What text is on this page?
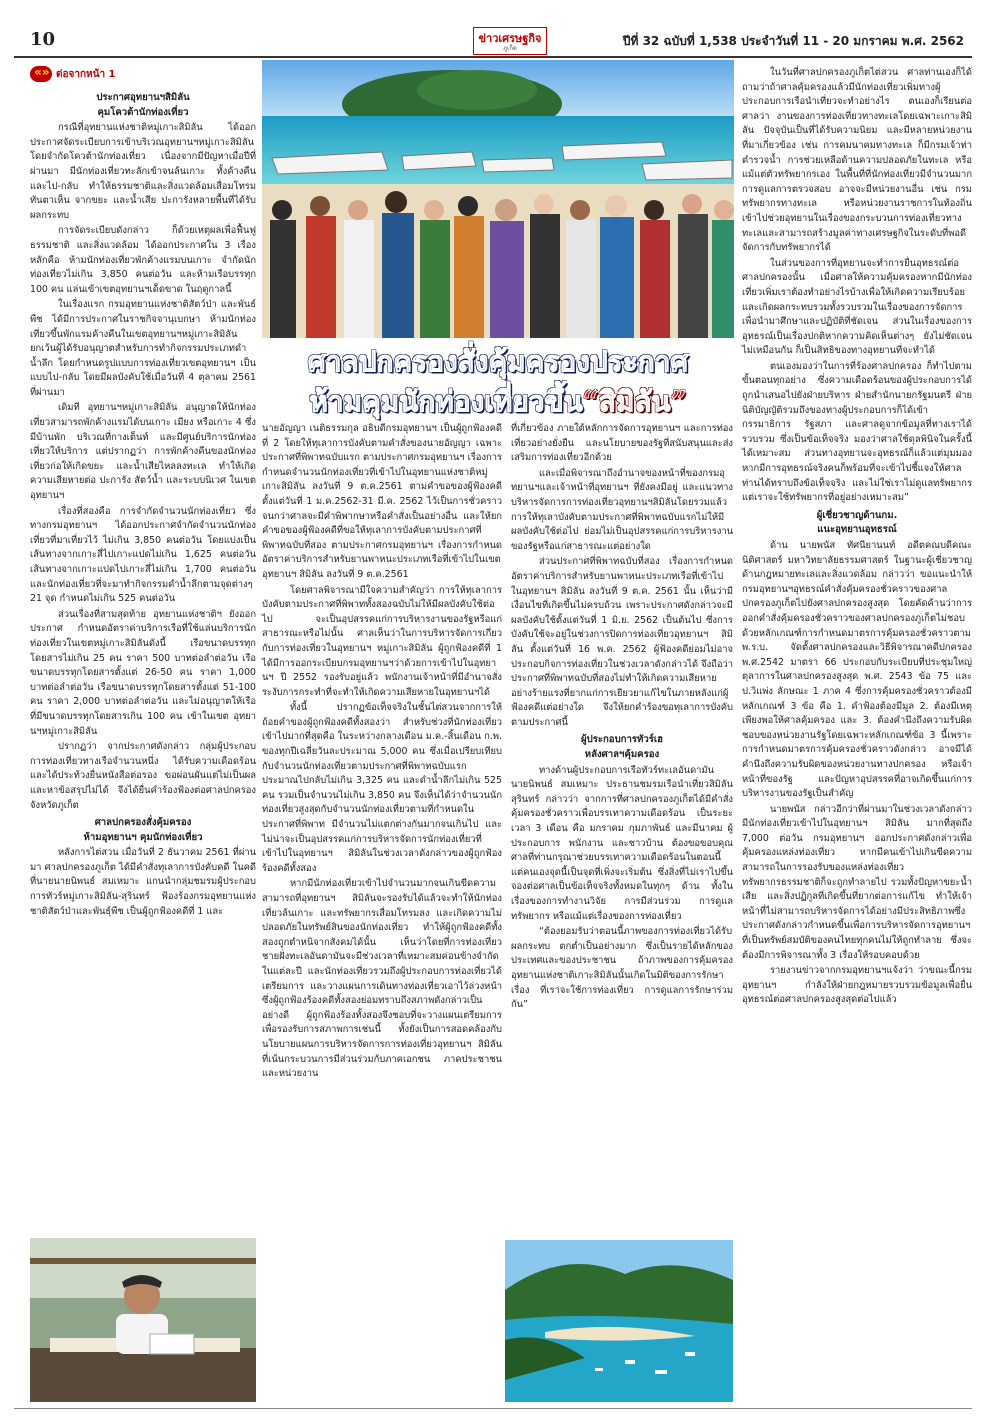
10	ข่าวเศรษฐกิจ
ภูเก็ต
ปีที่ 32 ฉบับที่ 1,538 ประจำวันที่ 11 - 20 มกราคม พ.ศ. 2562
«» ต่อจากหน้า 1
ประกาศอุทยานฯสิมิลัน
คุมโควต้านักท่องเที่ยว

กรณีที่อุทยานแห่งชาติหมู่เกาะสิมิลัน ได้ออกประกาศจัดระเบียบการเข้าบริเวณอุทยานฯหมู่เกาะสิมิลัน โดยจำกัดโควต้านักท่องเที่ยว เนื่องจากมีปัญหาเมื่อปีที่ผ่านมา มีนักท่องเที่ยวทะลักเข้าจนล้นเกาะ ทั้งค้างคืนและไป-กลับ ทำให้ธรรมชาติและสิ่งแวดล้อมเสื่อมโทรม ทันตาเห็น จากขยะ และน้ำเสีย ปะการังหลายพื้นที่ได้รับผลกระทบ

การจัดระเบียบดังกล่าว ก็ด้วยเหตุผลเพื่อฟื้นฟูธรรมชาติ และสิ่งแวดล้อม ได้ออกประกาศใน 3 เรื่องหลักคือ ห้ามนักท่องเที่ยวพักค้างแรมบนเกาะ จำกัดนักท่องเที่ยวไม่เกิน 3,850 คนต่อวัน และห้ามเรือบรรทุก 100 คน แล่นเข้าเขตอุทยานฯเด็ดขาด ในฤดูกาลนี้

ในเรื่องแรก กรมอุทยานแห่งชาติสัตว์ป่า และพันธ์พืช ได้มีการประกาศในราชกิจจานุเบกษา ห้ามนักท่องเที่ยวขึ้นพักแรมค้างคืนในเขตอุทยานฯหมู่เกาะสิมิลัน ยกเว้นผู้ได้รับอนุญาตสำหรับการทำกิจกรรมประเภทดำน้ำลึก โดยกำหนดรูปแบบการท่องเที่ยวเขตอุทยานฯ เป็นแบบไป-กลับ โดยมีผลบังคับใช้เมื่อวันที่ 4 ตุลาคม 2561 ที่ผ่านมา

เดิมที อุทยานฯหมู่เกาะสิมิลัน อนุญาตให้นักท่องเที่ยวสามารถพักค้างแรมได้บนเกาะ เมียง หรือเกาะ 4 ซึ่งมีบ้านพัก บริเวณที่กางเต็นท์ และมีศูนย์บริการนักท่องเที่ยวให้บริการ แต่ปรากฏว่า การพักค้างคืนของนักท่องเที่ยวก่อให้เกิดขยะ และน้ำเสียไหลลงทะเล ทำให้เกิดความเสียหายต่อ ปะการัง สัตว์น้ำ และระบบนิเวศ ในเขตอุทยานฯ

เรื่องที่สองคือ การจำกัดจำนวนนักท่องเที่ยว ซึ่งทางกรมอุทยานฯ ได้ออกประกาศจำกัดจำนวนนักท่องเที่ยวที่มาเที่ยวไว้ ไม่เกิน 3,850 คนต่อวัน โดยแบ่งเป็นเส้นทางจากเกาะสี่ไปเกาะแปดไม่เกิน 1,625 คนต่อวัน เส้นทางจากเกาะแปดไปเกาะสี่ไม่เกิน 1,700 คนต่อวัน และนักท่องเที่ยวที่จะมาทำกิจกรรมดำน้ำลึกตามจุดต่างๆ 21 จุด กำหนดไม่เกิน 525 คนต่อวัน

ส่วนเรื่องที่สามสุดท้าย อุทยานแห่งชาติฯ ยังออกประกาศ กำหนดอัตราค่าบริการเรือที่ใช้แล่นบริการนักท่องเที่ยวในเขตหมู่เกาะสิมิลันดังนี้ เรือขนาดบรรทุกโดยสารไม่เกิน 25 คน ราคา 500 บาทต่อลำต่อวัน เรือขนาดบรรทุกโดยสารตั้งแต่ 26-50 คน ราคา 1,000 บาทต่อลำต่อวัน เรือขนาดบรรทุกโดยสารตั้งแต่ 51-100 คน ราคา 2,000 บาทต่อลำต่อวัน และไม่อนุญาตให้เรือที่มีขนาดบรรทุกโดยสารเกิน 100 คน เข้าในเขต อุทยานฯหมู่เกาะสิมิลัน

ปรากฏว่า จากประกาศดังกล่าว กลุ่มผู้ประกอบการท่องเที่ยวทางเรือจำนวนหนึ่ง ได้รับความเดือดร้อน และได้ประท้วงยื่นหนังสือต่อรอง ขอผ่อนผันแต่ไม่เป็นผล และหาข้อสรุปไม่ได้ จึงได้ยื่นคำร้องฟ้องต่อศาลปกครองจังหวัดภูเก็ต

ศาลปกครองสั่งคุ้มครอง
ห้ามอุทยานฯ คุมนักท่องเที่ยว

หลังการไต่สวน เมื่อวันที่ 2 ธันวาคม 2561 ที่ผ่านมา ศาลปกครองภูเก็ต ได้มีคำสั่งทุเลาการบังคับคดี ในคดีที่นายนายนิพนธ์ สมเหมาะ แกนนำกลุ่มชมรมผู้ประกอบการทัวร์หมู่เกาะสิมิลัน-สุรินทร์ ฟ้องร้องกรมอุทยานแห่งชาติสัตว์ป่าและพันธุ์พืช เป็นผู้ถูกฟ้องคดีที่ 1 และ

ศาลปกครองสั่งคุ้มครองประกาศ
ห้ามคุมนักท่องเที่ยวขึ้น“สิมิลัน”

นายอัญญา เนติธรรมกุล อธิบดีกรมอุทยานฯ เป็นผู้ถูกฟ้องคดีที่ 2 โดยให้ทุเลาการบังคับตามคำสั่งของนายอัญญา เฉพาะประกาศที่พิพาทฉบับแรก ตามประกาศกรมอุทยานฯ เรื่องการกำหนดจำนวนนักท่องเที่ยวที่เข้าไปในอุทยานแห่งชาติหมู่เกาะสิมิลัน ลงวันที่ 9 ต.ค.2561 ตามคำขอของผู้ฟ้องคดี ตั้งแต่วันที่ 1 ม.ค.2562-31 มี.ค. 2562 ไว้เป็นการชั่วคราวจนกว่าศาลจะมีคำพิพากษาหรือคำสั่งเป็นอย่างอื่น และให้ยกคำขอของผู้ฟ้องคดีที่ขอให้ทุเลาการบังคับตามประกาศที่พิพาทฉบับที่สอง ตามประกาศกรมอุทยานฯ เรื่องการกำหนดอัตราค่าบริการสำหรับยานพาหนะประเภทเรือที่เข้าไปในเขตอุทยานฯ สิมิลัน ลงวันที่ 9 ต.ค.2561

โดยศาลพิจารณามีใจความสำคัญว่า การให้ทุเลาการบังคับตามประกาศที่พิพาททั้งสองฉบับไม่ให้มีผลบังคับใช้ต่อไป จะเป็นอุปสรรคแก่การบริหารงานของรัฐหรือแก่สาธารณะหรือไม่นั้น ศาลเห็นว่าในการบริหารจัดการเกี่ยวกับการท่องเที่ยวในอุทยานฯ หมู่เกาะสิมิลัน ผู้ถูกฟ้องคดีที่ 1 ได้มีการออกระเบียบกรมอุทยานฯว่าด้วยการเข้าไปในอุทยานฯ ปี 2552 รองรับอยู่แล้ว พนักงานเจ้าหน้าที่มีอำนาจสั่งระงับการกระทำที่จะทำให้เกิดความเสียหายในอุทยานฯได้

ทั้งนี้ ปรากฏข้อเท็จจริงในชั้นไต่สวนจากการให้ถ้อยคำของผู้ถูกฟ้องคดีทั้งสองว่า สำหรับช่วงที่นักท่องเที่ยวเข้าไปมากที่สุดคือ ในระหว่างกลางเดือน ม.ค.-สิ้นเดือน ก.พ. ของทุกปีเฉลี่ยวันละประมาณ 5,000 คน ซึ่งเมื่อเปรียบเทียบกับจำนวนนักท่องเที่ยวตามประกาศที่พิพาทฉบับแรกประมาณไปกลับไม่เกิน 3,325 คน และดำน้ำลึกไม่เกิน 525 คน รวมเป็นจำนวนไม่เกิน 3,850 คน จึงเห็นได้ว่าจำนวนนักท่องเที่ยวสูงสุดกับจำนวนนักท่องเที่ยวตามที่กำหนดในประกาศที่พิพาท มีจำนวนไม่แตกต่างกันมากจนเกินไป และไม่น่าจะเป็นอุปสรรคแก่การบริหารจัดการนักท่องเที่ยวที่เข้าไปในอุทยานฯ สิมิลันในช่วงเวลาดังกล่าวของผู้ถูกฟ้องร้องคดีทั้งสอง

หากมีนักท่องเที่ยวเข้าไปจำนวนมากจนเกินขีดความสามารถที่อุทยานฯ สิมิลันจะรองรับได้แล้วจะทำให้นักท่องเที่ยวล้นเกาะ และทรัพยากรเสื่อมโทรมลง และเกิดความไม่ปลอดภัยในทรัพย์สินของนักท่องเที่ยว ทำให้ผู้ถูกฟ้องคดีทั้งสองถูกตำหนิจากสังคมได้นั้น เห็นว่าโดยที่การท่องเที่ยวชายฝั่งทะเลอันดามันจะมีช่วงเวลาที่เหมาะสมค่อนข้างจำกัดในแต่ละปี และนักท่องเที่ยวรวมถึงผู้ประกอบการท่องเที่ยวได้เตรียมการ และวางแผนการเดินทางท่องเที่ยวเอาไว้ล่วงหน้า ซึ่งผู้ถูกฟ้องร้องคดีทั้งสองย่อมทราบถึงสภาพดังกล่าวเป็นอย่างดี ผู้ถูกฟ้องร้องทั้งสองจึงชอบที่จะวางแผนเตรียมการเพื่อรองรับการสภาพการเช่นนี้ ทั้งยังเป็นการสอดคล้องกับนโยบายแผนการบริหารจัดการการท่องเที่ยวอุทยานฯ สิมิลันที่เน้นกระบวนการมีส่วนร่วมกับภาคเอกชน ภาคประชาชน และหน่วยงาน

ที่เกี่ยวข้อง ภายใต้หลักการจัดการอุทยานฯ และการท่องเที่ยวอย่างยั่งยืน และนโยบายของรัฐที่สนับสนุนและส่งเสริมการท่องเที่ยวอีกด้วย

และเมื่อพิจารณาถึงอำนาจของหน้าที่ของกรมอุทยานฯและเจ้าหน้าที่อุทยานฯ ที่ยังคงมีอยู่ และแนวทางบริหารจัดการการท่องเที่ยวอุทยานฯสิมิลันโดยรวมแล้ว การให้ทุเลาบังคับตามประกาศที่พิพาทฉบับแรกไม่ให้มีผลบังคับใช้ต่อไป ย่อมไม่เป็นอุปสรรคแก่การบริหารงานของรัฐหรือแก่สาธารณะแต่อย่างใด

ส่วนประกาศที่พิพาทฉบับที่สอง เรื่องการกำหนดอัตราค่าบริการสำหรับยานพาหนะประเภทเรือที่เข้าไปในอุทยานฯ สิมิลัน ลงวันที่ 9 ต.ค. 2561 นั้น เห็นว่ามีเงื่อนไขที่เกิดขึ้นไม่ครบถ้วน เพราะประกาศดังกล่าวจะมีผลบังคับใช้ตั้งแต่วันที่ 1 มิ.ย. 2562 เป็นต้นไป ซึ่งการบังคับใช้จะอยู่ในช่วงการปิดการท่องเที่ยวอุทยานฯ สิมิลัน ตั้งแต่วันที่ 16 พ.ค. 2562 ผู้ฟ้องคดีย่อมไม่อาจประกอบกิจการท่องเที่ยวในช่วงเวลาดังกล่าวได้ จึงถือว่าประกาศที่พิพาทฉบับที่สองไม่ทำให้เกิดความเสียหายอย่างร้ายแรงที่ยากแก่การเยียวยาแก้ไขในภายหลังแก่ผู้ฟ้องคดีแต่อย่างใด จึงให้ยกคำร้องขอทุเลาการบังคับตามประกาศนี้

ผู้ประกอบการทัวร์เฮ
หลังศาลฯคุ้มครอง

ทางด้านผู้ประกอบการเรือทัวร์ทะเลอันดามัน นายนิพนธ์ สมเหมาะ ประธานชมรมเรือนำเที่ยวสิมิลัน สุรินทร์ กล่าวว่า จากการที่ศาลปกครองภูเก็ตได้มีคำสั่งคุ้มครองชั่วคราวเพื่อบรรเทาความเดือดร้อน เป็นระยะเวลา 3 เดือน คือ มกราคม กุมภาพันธ์ และมีนาคม ผู้ประกอบการ พนักงาน และชาวบ้าน ต้องขอขอบคุณศาลที่ท่านกรุณาช่วยบรรเทาความเดือดร้อนในตอนนี้ แต่คนเองจุดนี้เป็นจุดที่เพิ่งจะเริ่มต้น ซึ่งสิ่งที่ไม่เราไปขึ้นจองต่อศาลเป็นข้อเท็จจริงทั้งหมดในทุกๆ ด้าน ทั้งในเรื่องของการทำงานวิจัย การมีส่วนร่วม การดูแลทรัพยากร หรือแม้แต่เรื่องของการท่องเที่ยว

“ต้องยอมรับว่าตอนนี้ภาพของการท่องเที่ยวได้รับผลกระทบ ตกต่ำเป็นอย่างมาก ซึ่งเป็นรายได้หลักของประเทศและของประชาชน ถ้าภาพของการคุ้มครองอุทยานแห่งชาติเกาะสิมิลันนั้นเกิดในมิติของการรักษาเรื่อง ที่เราจะใช้การท่องเที่ยว การดูแลการรักษาร่วมกัน”

ในวันที่ศาลปกครองภูเก็ตไต่สวน ศาลท่านเองก็ได้ถามว่าถ้าศาลคุ้มครองแล้วมีนักท่องเที่ยวเพิ่มทางผู้ประกอบการเรือนำเที่ยวจะทำอย่างไร ตนเองก็เรียนต่อศาลว่า งานของการท่องเที่ยวทางทะเลโดยเฉพาะเกาะสิมิลัน ปัจจุบันเป็นที่ได้รับความนิยม และมีหลายหน่วยงานที่มาเกี่ยวข้อง เช่น การคมนาคมทางทะเล ก็มีกรมเจ้าท่า ตำรวจน้ำ การช่วยเหลือด้านความปลอดภัยในทะเล หรือแม้แต่ตัวทรัพยากรเอง ในพื้นที่ที่นักท่องเที่ยวมีจำนวนมาก การดูแลการตรวจสอบ อาจจะมีหน่วยงานอื่น เช่น กรมทรัพยากรทางทะเล หรือหน่วยงานราชการในท้องถิ่นเข้าไปช่วยอุทยานในเรื่องของกระบวนการท่องเที่ยวทางทะเลและสามารถสร้างมูลค่าทางเศรษฐกิจในระดับที่พอดี จัดการกับทรัพยากรได้

ในส่วนของการที่อุทยานจะทำการยื่นอุทธรณ์ต่อศาลปกครองนั้น เมื่อศาลให้ความคุ้มครองหากมีนักท่องเที่ยวเพิ่มเราต้องทำอย่างไรบ้างเพื่อให้เกิดความเรียบร้อย และเกิดผลกระทบรวมทั้งรวบรวมในเรื่องของการจัดการเพื่อนำมาศึกษาและปฏิบัติที่ชัดเจน ส่วนในเรื่องของการอุทธรณ์เป็นเรื่องปกติหากความคิดเห็นต่างๆ ยังไม่ชัดเจนไม่เหมือนกัน ก็เป็นสิทธิของทางอุทยานที่จะทำได้

ตนเองมองว่าในการที่ร้องศาลปกครอง ก็ทำไปตามขั้นตอนทุกอย่าง ซึ่งความเดือดร้อนของผู้ประกอบการได้ถูกนำเสนอไปยังฝ่ายบริหาร ฝ่ายสำนักนายกรัฐมนตรี ฝ่ายนิติบัญญัติรวมถึงของทางผู้ประกอบการก็ได้เข้ากรรมาธิการ รัฐสภา และศาลดูจากข้อมูลที่ทางเราได้รวบรวม ซึ่งเป็นข้อเท็จจริง มองว่าศาลใช้ดุลพินิจในครั้งนี้ได้เหมาะสม ส่วนทางอุทยานจะอุทธรณ์ก็แล้วแต่มุมมอง หากมีการอุทธรณ์จริงคนก็พร้อมที่จะเข้าไปชี้แจงให้ศาลท่านได้ทราบถึงข้อเท็จจริง และไม่ใช่เราไม่ดูแลทรัพยากรแต่เราจะใช้ทรัพยากรที่อยู่อย่างเหมาะสม”

ผู้เชี่ยวชาญด้านกม.
แนะอุทยานอุทธรณ์

ด้าน นายพนัส ทัศนียานนท์ อดีตคณบดีคณะนิติศาสตร์ มหาวิทยาลัยธรรมศาสตร์ ในฐานะผู้เชี่ยวชาญด้านกฎหมายทะเลและสิ่งแวดล้อม กล่าวว่า ขอแนะนำให้กรมอุทยานฯอุทธรณ์คำสั่งคุ้มครองชั่วคราวของศาลปกครองภูเก็ตไปยังศาลปกครองสูงสุด โดยคัดค้านว่าการออกคำสั่งคุ้มครองชั่วคราวของศาลปกครองภูเก็ตไม่ชอบด้วยหลักเกณฑ์การกำหนดมาตรการคุ้มครองชั่วคราวตาม พ.ร.บ. จัดตั้งศาลปกครองและวิธีพิจารณาคดีปกครอง พ.ศ.2542 มาตรา 66 ประกอบกับระเบียบที่ประชุมใหญ่ตุลาการในศาลปกครองสูงสุด พ.ศ. 2543 ข้อ 75 และ ป.วิแพ่ง ลักษณะ 1 ภาค 4 ซึ่งการคุ้มครองชั่วคราวต้องมีหลักเกณฑ์ 3 ข้อ คือ 1. คำฟ้องต้องมีมูล 2. ต้องมีเหตุเพียงพอให้ศาลคุ้มครอง และ 3. ต้องคำนึงถึงความรับผิดชอบของหน่วยงานรัฐโดยเฉพาะหลักเกณฑ์ข้อ 3 นี้เพราะการกำหนดมาตรการคุ้มครองชั่วคราวดังกล่าว อาจมีได้คำนึงถึงความรับผิดของหน่วยงานทางปกครอง หรือเจ้าหน้าที่ของรัฐ และปัญหาอุปสรรคที่อาจเกิดขึ้นแก่การบริหารงานของรัฐเป็นสำคัญ

นายพนัส กล่าวอีกว่าที่ผ่านมาในช่วงเวลาดังกล่าวมีนักท่องเที่ยวเข้าไปในอุทยานฯ สิมิลัน มากที่สุดถึง 7,000 ต่อวัน กรมอุทยานฯ ออกประกาศดังกล่าวเพื่อคุ้มครองแหล่งท่องเที่ยว หากมีคนเข้าไปเกินขีดความสามารถในการรองรับของแหล่งท่องเที่ยว ทรัพยากรธรรมชาติก็จะถูกทำลายไป รวมทั้งปัญหาขยะน้ำเสีย และสิ่งปฏิกูลที่เกิดขึ้นที่ยากต่อการแก้ไข ทำให้เจ้าหน้าที่ไม่สามารถบริหารจัดการได้อย่างมีประสิทธิภาพซึ่งประกาศดังกล่าวกำหนดขึ้นเพื่อการบริหารจัดการอุทยานฯ ที่เป็นทรัพย์สมบัติของคนไทยทุกคนไม่ให้ถูกทำลาย ซึ่งจะต้องมีการพิจารณาทั้ง 3 เรื่องให้รอบคอบด้วย

รายงานข่าวจากกรมอุทยานฯแจ้งว่า ว่าขณะนี้กรมอุทยานฯ กำลังให้ฝ่ายกฎหมายรวบรวมข้อมูลเพื่อยื่นอุทธรณ์ต่อศาลปกครองสูงสุดต่อไปแล้ว
